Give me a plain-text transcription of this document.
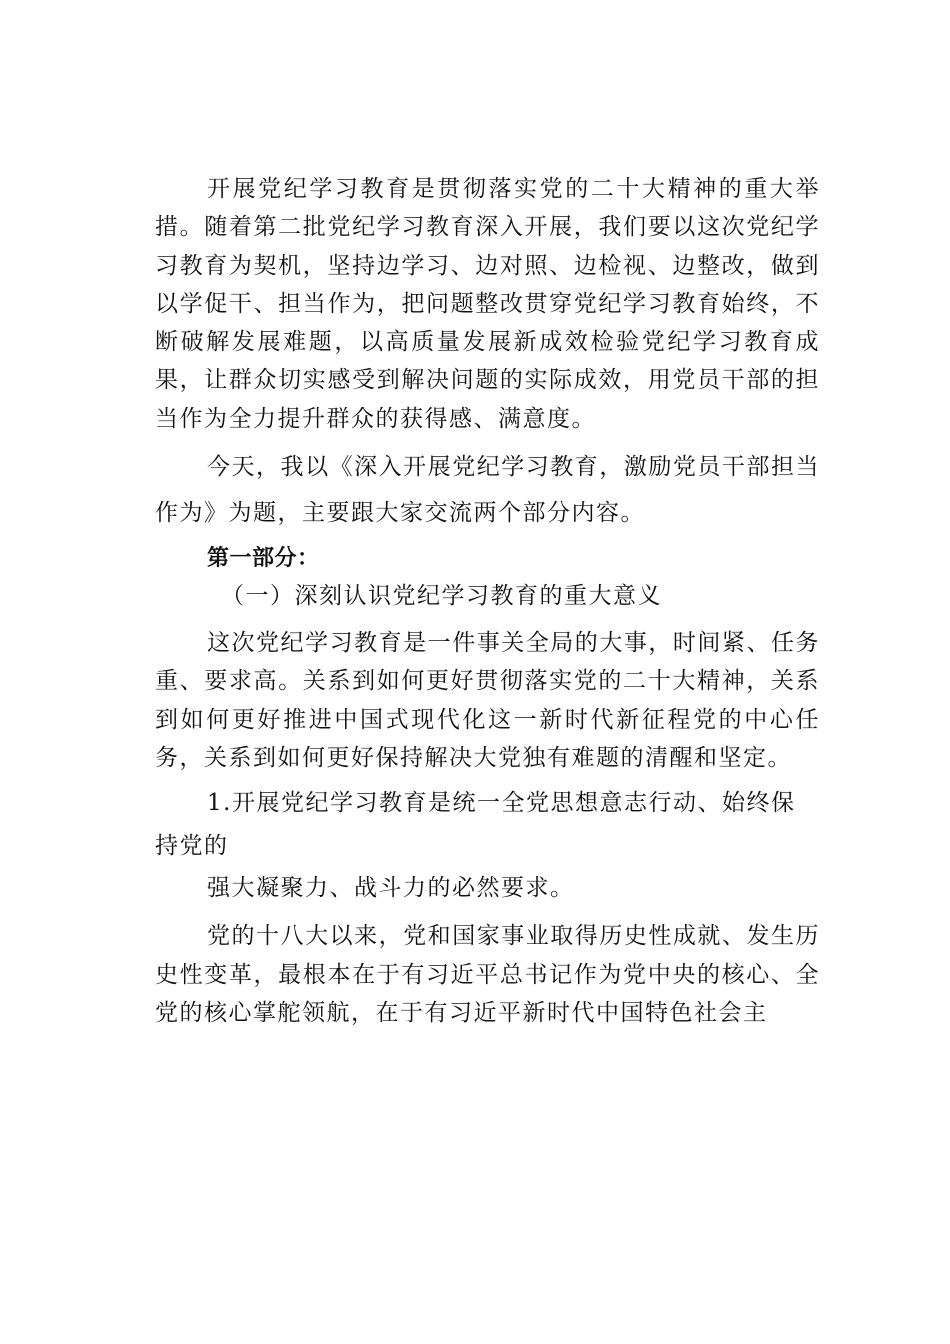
开展党纪学习教育是贯彻落实党的二十大精神的重大举措。随着第二批党纪学习教育深入开展，我们要以这次党纪学习教育为契机，坚持边学习、边对照、边检视、边整改，做到以学促干、担当作为，把问题整改贯穿党纪学习教育始终，不断破解发展难题，以高质量发展新成效检验党纪学习教育成果，让群众切实感受到解决问题的实际成效，用党员干部的担当作为全力提升群众的获得感、满意度。

今天，我以《深入开展党纪学习教育，激励党员干部担当作为》为题，主要跟大家交流两个部分内容。

第一部分：
（一）深刻认识党纪学习教育的重大意义

这次党纪学习教育是一件事关全局的大事，时间紧、任务重、要求高。关系到如何更好贯彻落实党的二十大精神，关系到如何更好推进中国式现代化这一新时代新征程党的中心任务，关系到如何更好保持解决大党独有难题的清醒和坚定。

1.开展党纪学习教育是统一全党思想意志行动、始终保

持党的

强大凝聚力、战斗力的必然要求。

党的十八大以来，党和国家事业取得历史性成就、发生历史性变革，最根本在于有习近平总书记作为党中央的核心、全党的核心掌舵领航，在于有习近平新时代中国特色社会主
